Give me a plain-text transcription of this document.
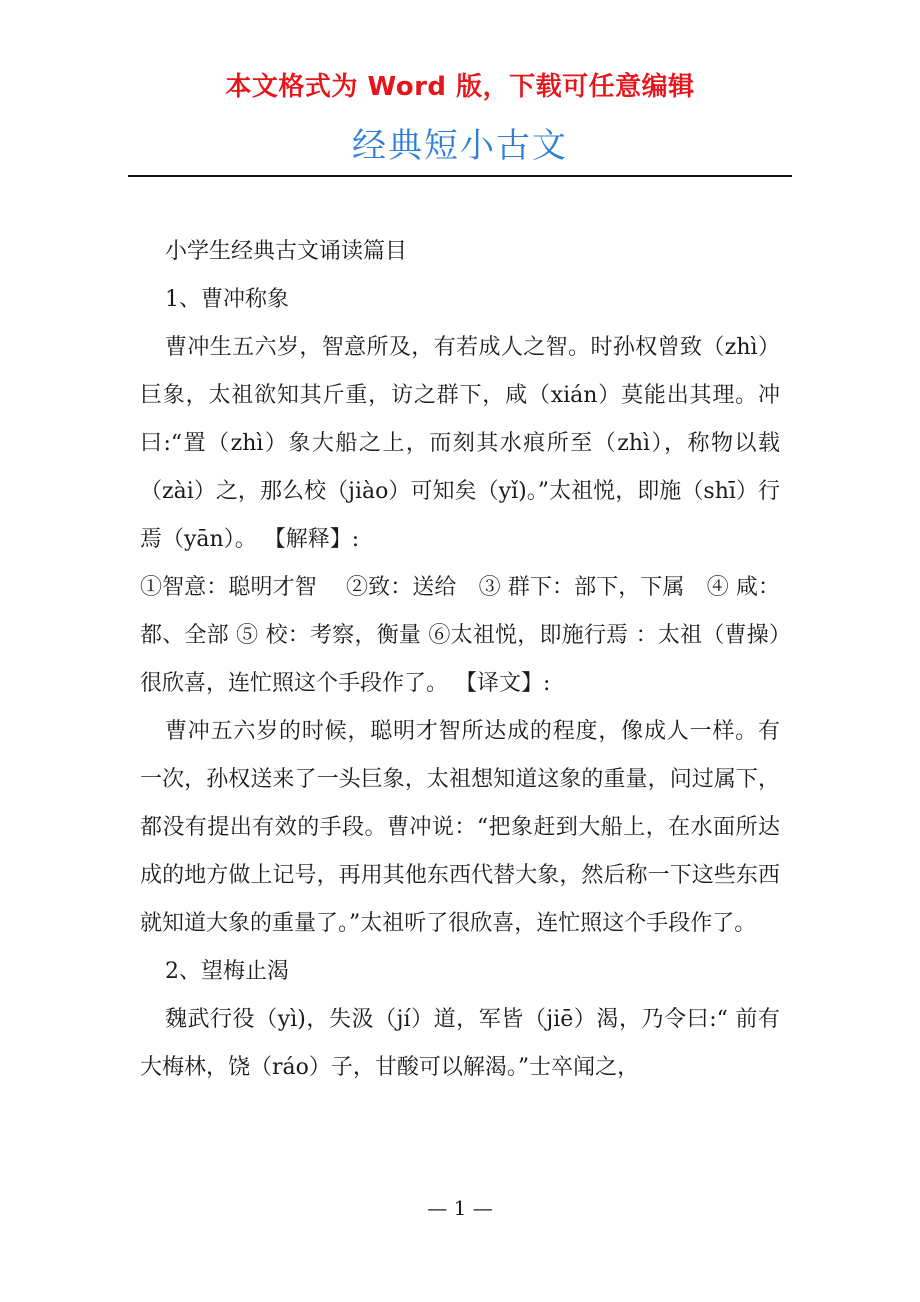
本文格式为 Word 版，下载可任意编辑
经典短小古文

小学生经典古文诵读篇目

1、曹冲称象

曹冲生五六岁，智意所及，有若成人之智。时孙权曾致（zhì）巨象，太祖欲知其斤重，访之群下，咸（xián）莫能出其理。冲曰:“置（zhì）象大船之上，而刻其水痕所至（zhì），称物以载（zài）之，那么校（jiào）可知矣（yǐ)。”太祖悦，即施（shī）行焉（yān）。 【解释】:

①智意：聪明才智　 ②致：送给　③ 群下：部下，下属　④ 咸：都、全部 ⑤ 校：考察，衡量 ⑥太祖悦，即施行焉 ：太祖（曹操）很欣喜，连忙照这个手段作了。 【译文】:

曹冲五六岁的时候，聪明才智所达成的程度，像成人一样。有一次，孙权送来了一头巨象，太祖想知道这象的重量，问过属下，都没有提出有效的手段。曹冲说：“把象赶到大船上，在水面所达成的地方做上记号，再用其他东西代替大象，然后称一下这些东西就知道大象的重量了。”太祖听了很欣喜，连忙照这个手段作了。

2、望梅止渴

魏武行役（yì)，失汲（jí）道，军皆（jiē）渴，乃令曰:“ 前有大梅林，饶（ráo）子，甘酸可以解渴。”士卒闻之，

— 1 —
